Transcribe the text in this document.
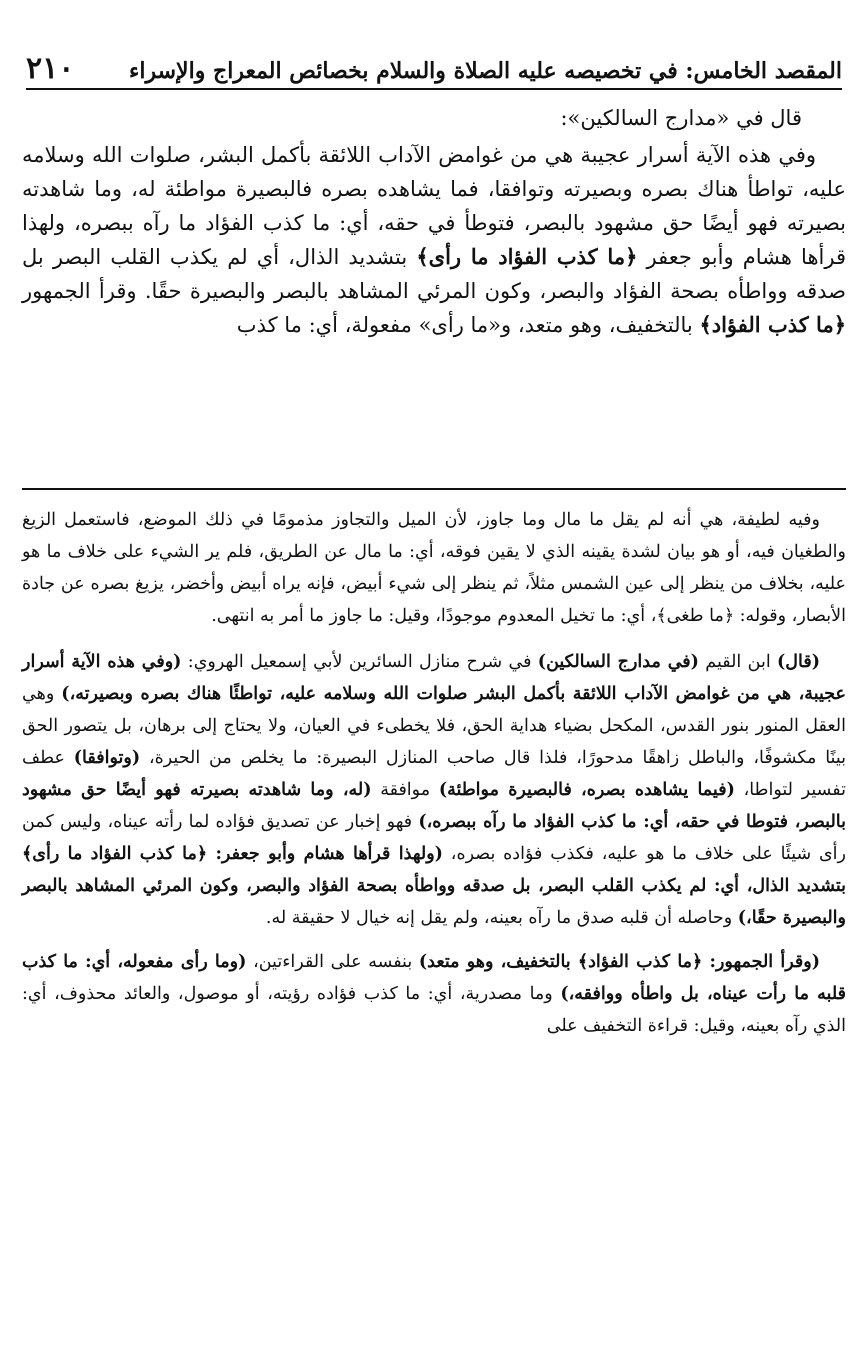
المقصد الخامس: في تخصيصه عليه الصلاة والسلام بخصائص المعراج والإسراء
٢١٠

قال في «مدارج السالكين»:

وفي هذه الآية أسرار عجيبة هي من غوامض الآداب اللائقة بأكمل البشر، صلوات الله وسلامه عليه، تواطأ هناك بصره وبصيرته وتوافقا، فما يشاهده بصره فالبصيرة مواطئة له، وما شاهدته بصيرته فهو أيضًا حق مشهود بالبصر، فتوطأ في حقه، أي: ما كذب الفؤاد ما رآه ببصره، ولهذا قرأها هشام وأبو جعفر ﴿ما كذب الفؤاد ما رأى﴾ بتشديد الذال، أي لم يكذب القلب البصر بل صدقه وواطأه بصحة الفؤاد والبصر، وكون المرئي المشاهد بالبصر والبصيرة حقًا. وقرأ الجمهور ﴿ما كذب الفؤاد﴾ بالتخفيف، وهو متعد، و«ما رأى» مفعولة، أي: ما كذب

وفيه لطيفة، هي أنه لم يقل ما مال وما جاوز، لأن الميل والتجاوز مذمومًا في ذلك الموضع، فاستعمل الزيغ والطغيان فيه، أو هو بيان لشدة يقينه الذي لا يقين فوقه، أي: ما مال عن الطريق، فلم ير الشيء على خلاف ما هو عليه، بخلاف من ينظر إلى عين الشمس مثلاً، ثم ينظر إلى شيء أبيض، فإنه يراه أبيض وأخضر، يزيغ بصره عن جادة الأبصار، وقوله: ﴿ما طغى﴾، أي: ما تخيل المعدوم موجودًا، وقيل: ما جاوز ما أمر به انتهى.

(قال) ابن القيم (في مدارج السالكين) في شرح منازل السائرين لأبي إسمعيل الهروي: (وفي هذه الآية أسرار عجيبة، هي من غوامض الآداب اللائقة بأكمل البشر صلوات الله وسلامه عليه، تواطئًا هناك بصره وبصيرته،) وهي العقل المنور بنور القدس، المكحل بضياء هداية الحق، فلا يخطىء في العيان، ولا يحتاج إلى برهان، بل يتصور الحق بينًا مكشوفًا، والباطل زاهقًا مدحورًا، فلذا قال صاحب المنازل البصيرة: ما يخلص من الحيرة، (وتوافقا) عطف تفسير لتواطا، (فيما يشاهده بصره، فالبصيرة مواطئة) موافقة (له، وما شاهدته بصيرته فهو أيضًا حق مشهود بالبصر، فتوطا في حقه، أي: ما كذب الفؤاد ما رآه ببصره،) فهو إخبار عن تصديق فؤاده لما رأته عيناه، وليس كمن رأى شيئًا على خلاف ما هو عليه، فكذب فؤاده بصره، (ولهذا قرأها هشام وأبو جعفر: ﴿ما كذب الفؤاد ما رأى﴾ بتشديد الذال، أي: لم يكذب القلب البصر، بل صدقه وواطأه بصحة الفؤاد والبصر، وكون المرئي المشاهد بالبصر والبصيرة حقًا،) وحاصله أن قلبه صدق ما رآه بعينه، ولم يقل إنه خيال لا حقيقة له.

(وقرأ الجمهور: ﴿ما كذب الفؤاد﴾ بالتخفيف، وهو متعد) بنفسه على القراءتين، (وما رأى مفعوله، أي: ما كذب قلبه ما رأت عيناه، بل واطأه ووافقه،) وما مصدرية، أي: ما كذب فؤاده رؤيته، أو موصول، والعائد محذوف، أي: الذي رآه بعينه، وقيل: قراءة التخفيف على
